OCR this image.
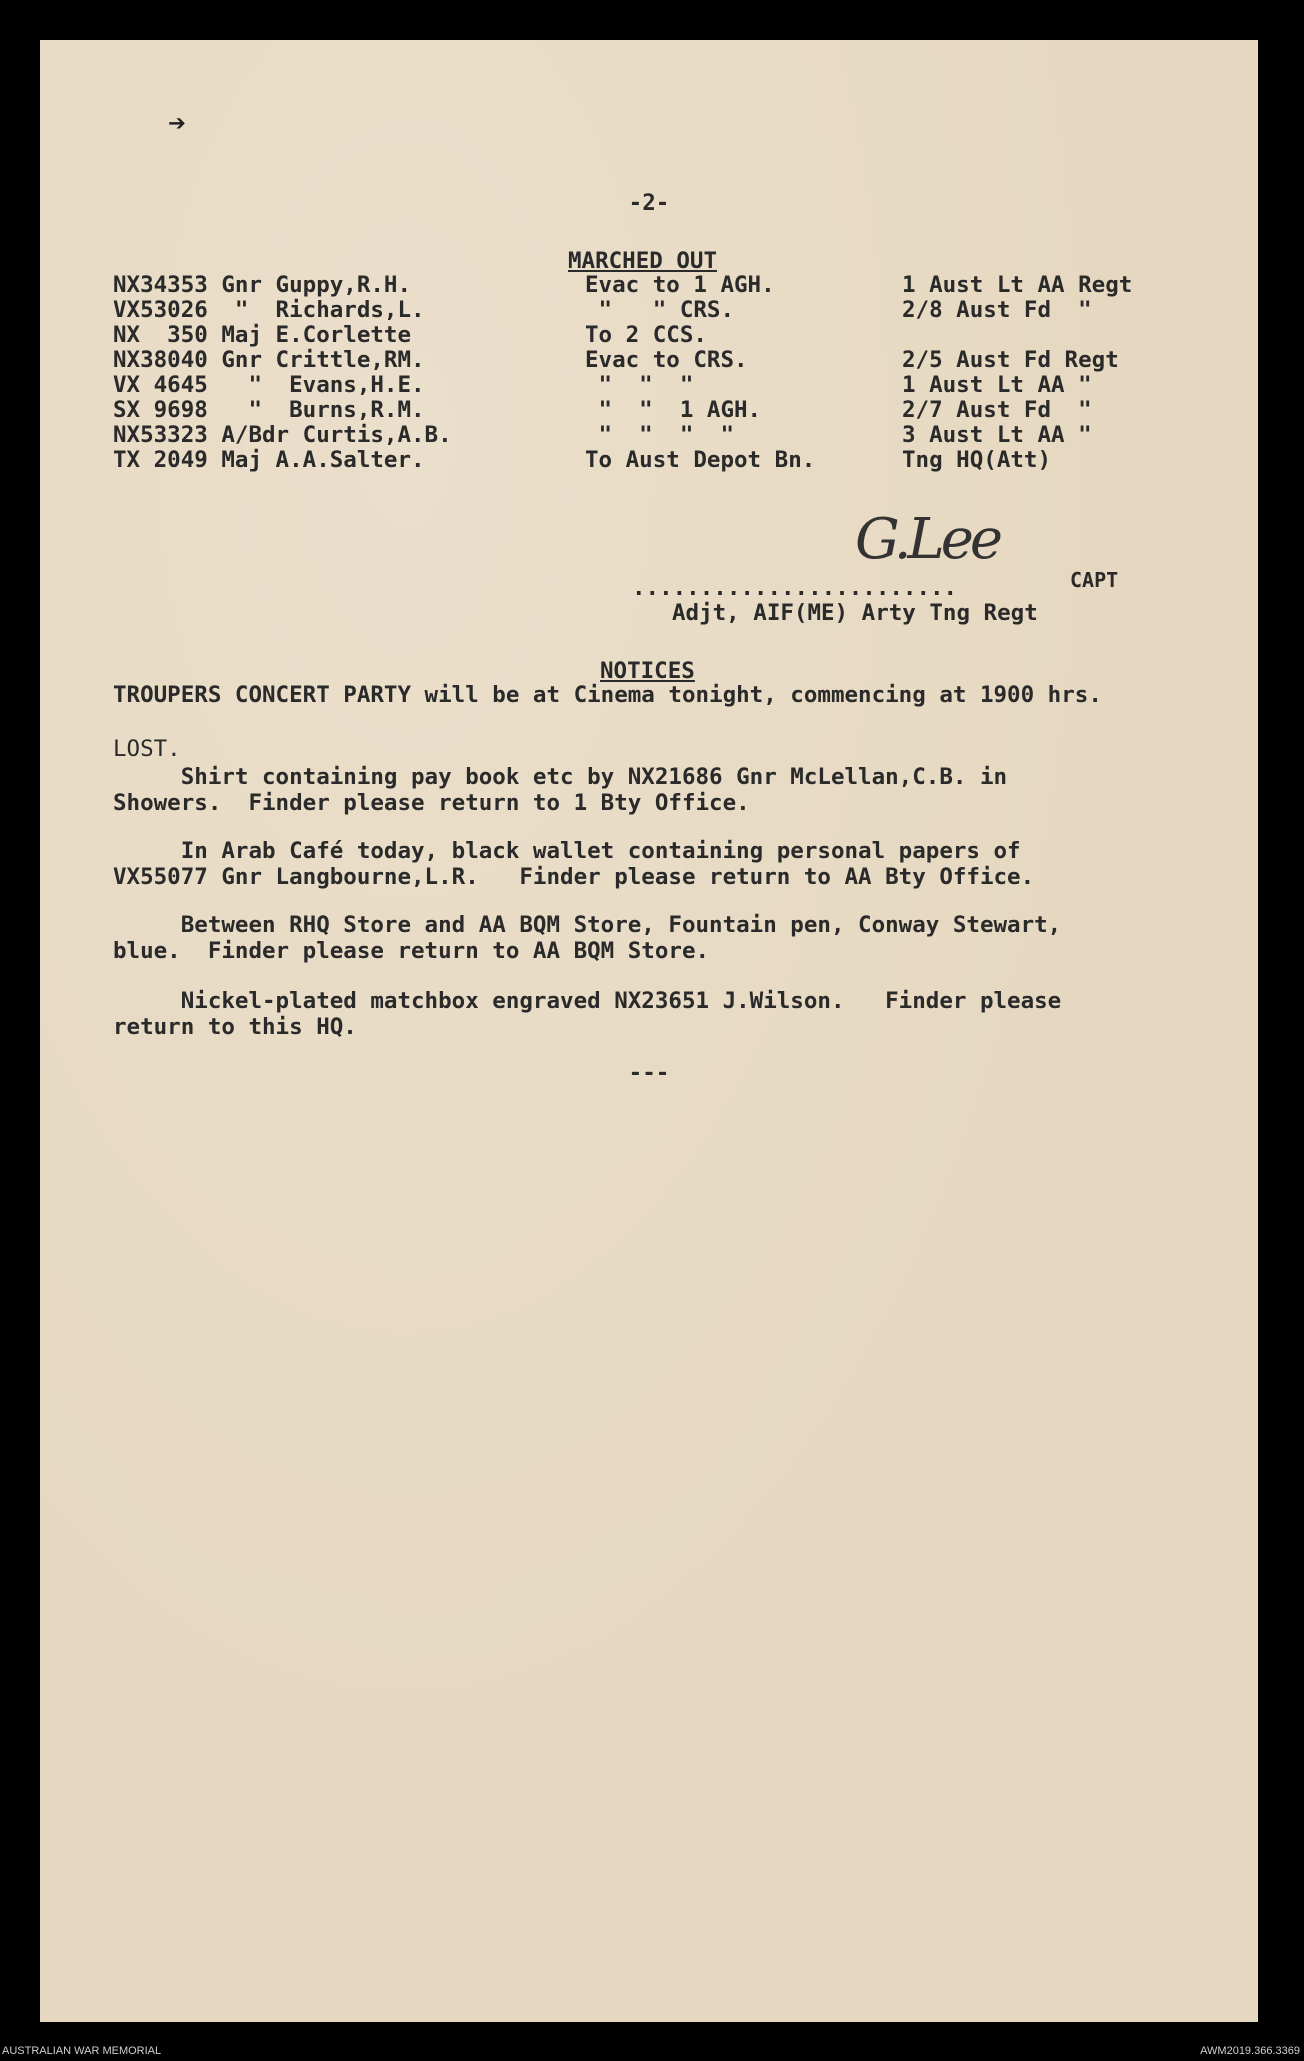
➔
-2-
MARCHED OUT
NX34353 Gnr Guppy,R.H.	Evac to 1 AGH.	1 Aust Lt AA Regt
VX53026  "  Richards,L.	"   " CRS.	2/8 Aust Fd  "
NX  350 Maj E.Corlette	To 2 CCS.
NX38040 Gnr Crittle,RM.	Evac to CRS.	2/5 Aust Fd Regt
VX 4645   "  Evans,H.E.	"  "  "	1 Aust Lt AA "
SX 9698   "  Burns,R.M.	"  "  1 AGH.	2/7 Aust Fd  "
NX53323 A/Bdr Curtis,A.B.	"  "  "  "	3 Aust Lt AA "
TX 2049 Maj A.A.Salter.	To Aust Depot Bn.	Tng HQ(Att)
G.Lee
........................	CAPT
Adjt, AIF(ME) Arty Tng Regt
NOTICES
TROUPERS CONCERT PARTY will be at Cinema tonight, commencing at 1900 hrs.
LOST.
Shirt containing pay book etc by NX21686 Gnr McLellan,C.B. in
Showers.  Finder please return to 1 Bty Office.
In Arab Café today, black wallet containing personal papers of
VX55077 Gnr Langbourne,L.R.   Finder please return to AA Bty Office.
Between RHQ Store and AA BQM Store, Fountain pen, Conway Stewart,
blue.  Finder please return to AA BQM Store.
Nickel-plated matchbox engraved NX23651 J.Wilson.   Finder please
return to this HQ.
---
AUSTRALIAN WAR MEMORIAL	AWM2019.366.3369
